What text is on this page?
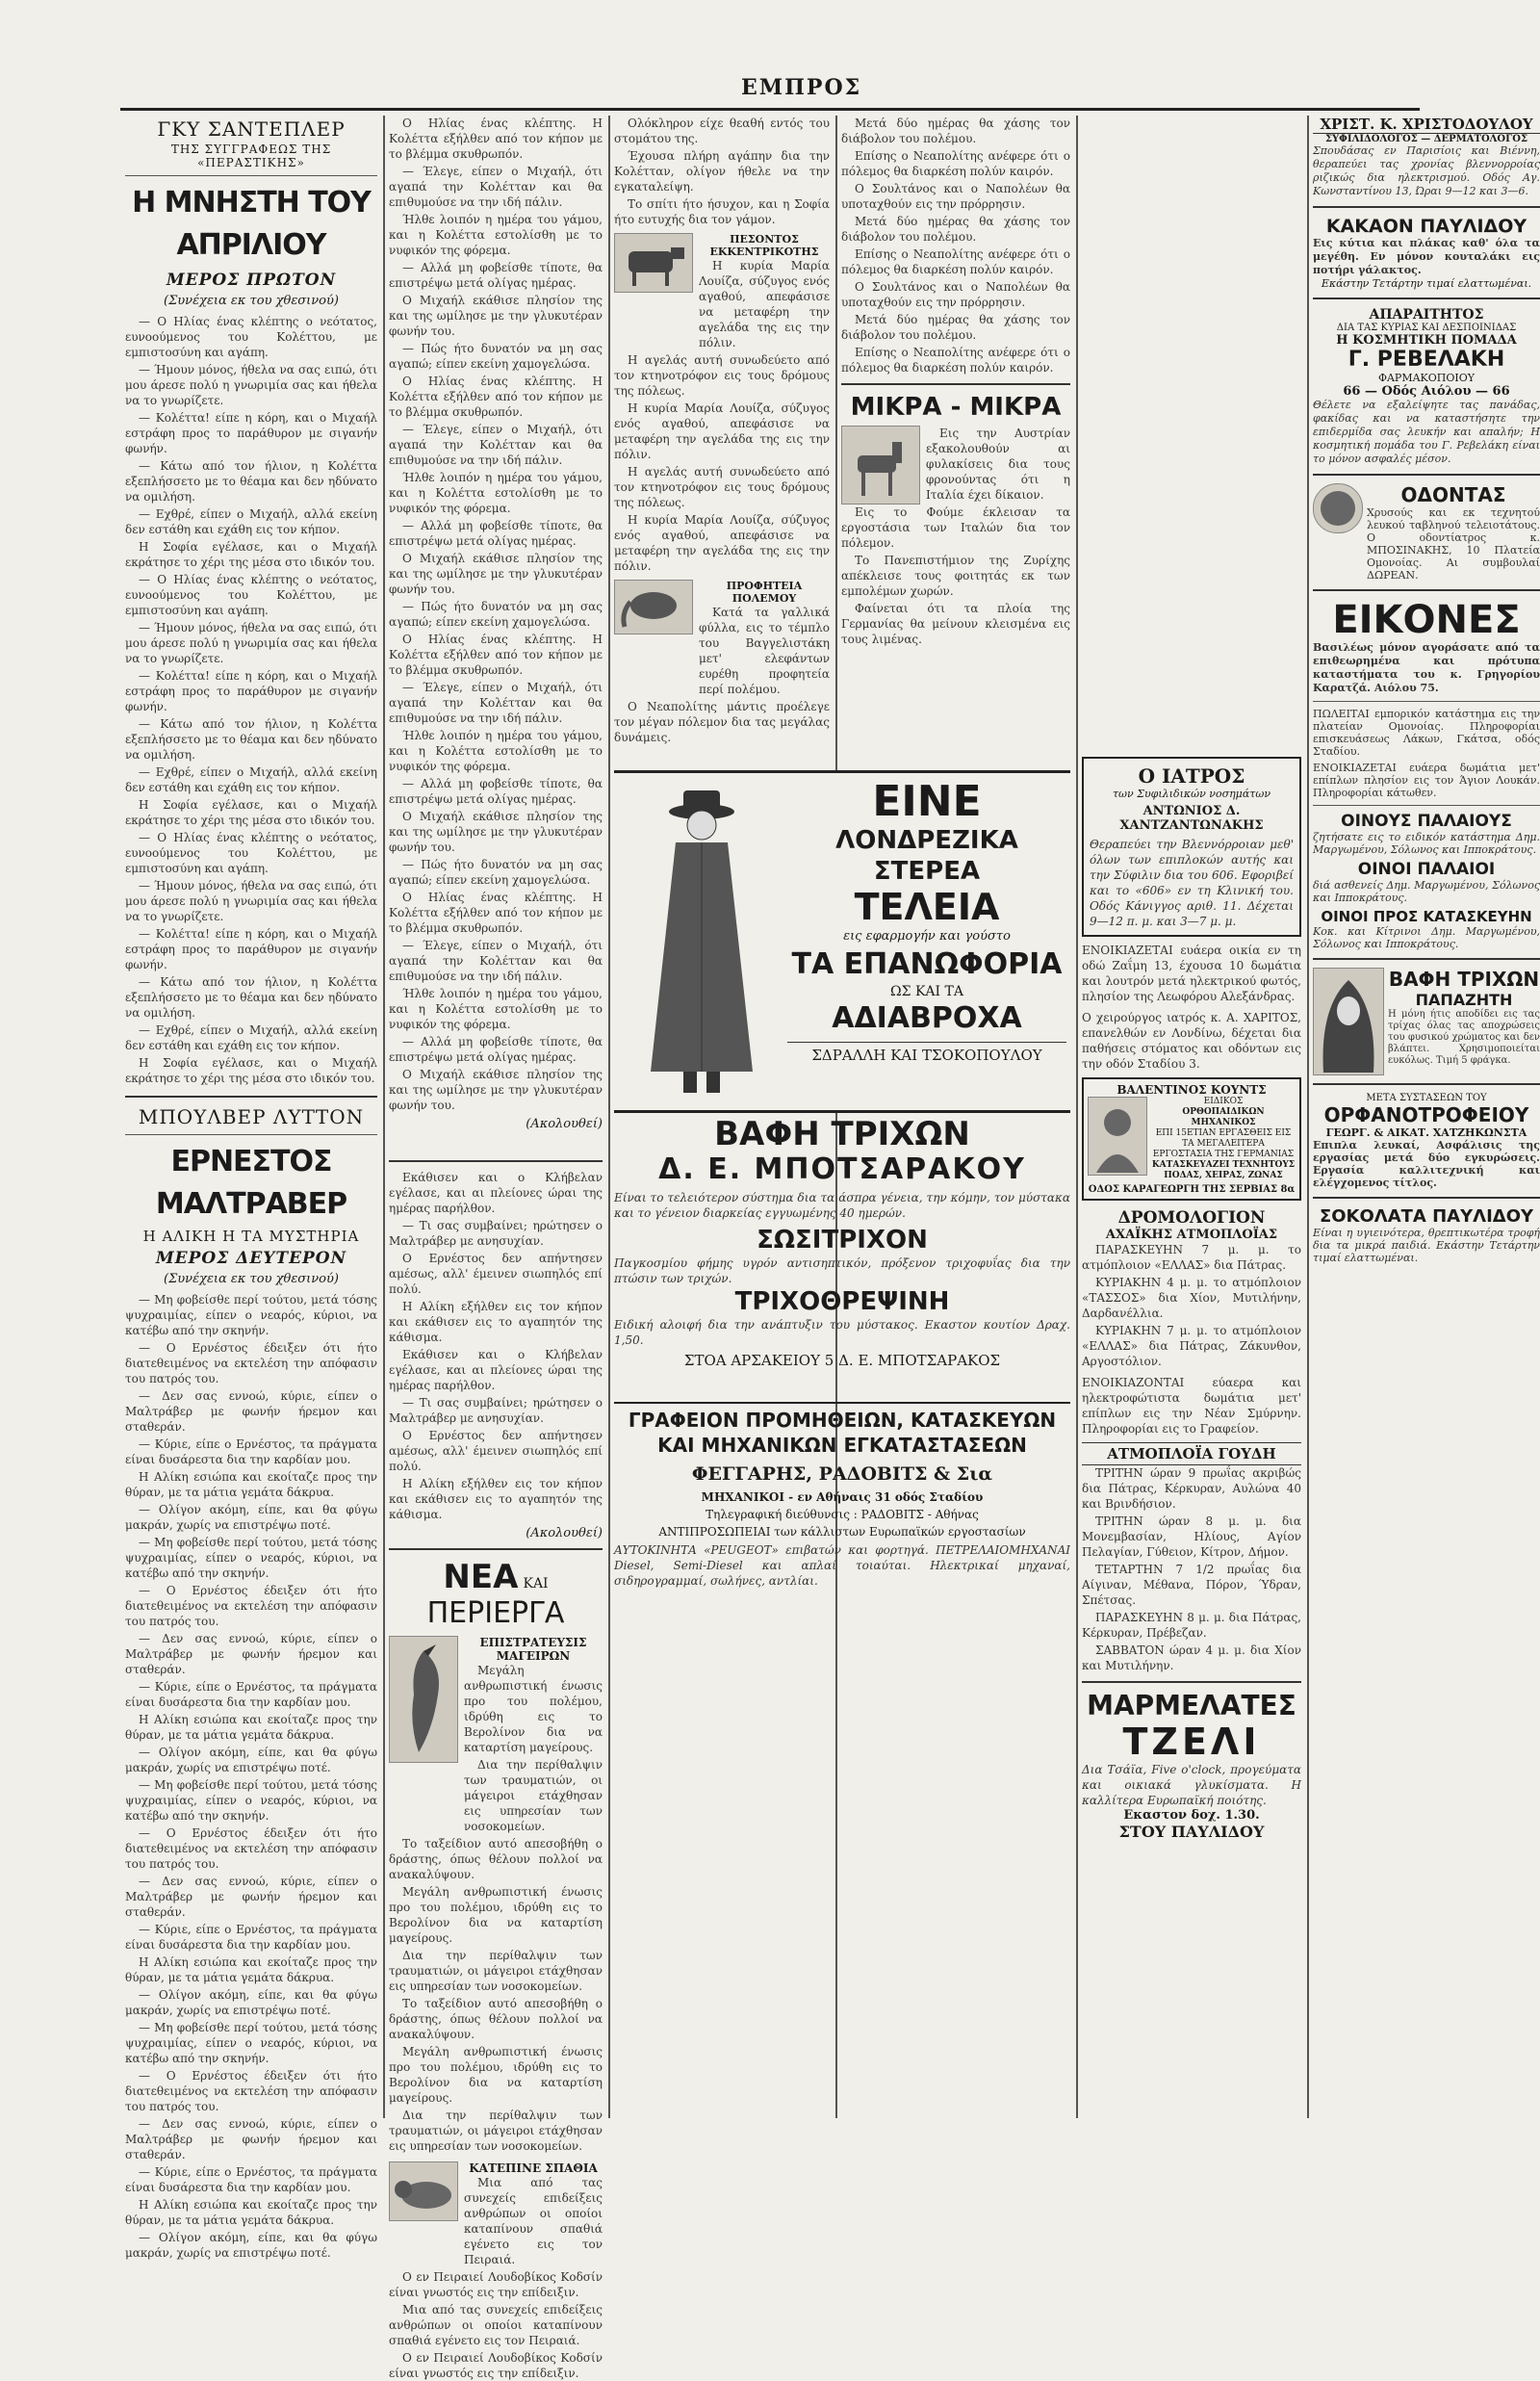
ΕΜΠΡΟΣ
ΓΚΥ ΣΑΝΤΕΠΛΕΡ
ΤΗΣ ΣΥΓΓΡΑΦΕΩΣ ΤΗΣ «ΠΕΡΑΣΤΙΚΗΣ»
Η ΜΝΗΣΤΗ ΤΟΥ ΑΠΡΙΛΙΟΥ
ΜΕΡΟΣ ΠΡΩΤΟΝ
(Συνέχεια εκ του χθεσινού)

— Ο Ηλίας ένας κλέπτης ο νεότατος, ευνοούμενος του Κολέττου, με εμπιστοσύνη και αγάπη.

— Ήμουν μόνος, ήθελα να σας ειπώ, ότι μου άρεσε πολύ η γνωριμία σας και ήθελα να το γνωρίζετε.

— Κολέττα! είπε η κόρη, και ο Μιχαήλ εστράφη προς το παράθυρον με σιγανήν φωνήν.

— Κάτω από τον ήλιον, η Κολέττα εξεπλήσσετο με το θέαμα και δεν ηδύνατο να ομιλήση.

— Εχθρέ, είπεν ο Μιχαήλ, αλλά εκείνη δεν εστάθη και εχάθη εις τον κήπον.

Η Σοφία εγέλασε, και ο Μιχαήλ εκράτησε το χέρι της μέσα στο ιδικόν του.

— Ο Ηλίας ένας κλέπτης ο νεότατος, ευνοούμενος του Κολέττου, με εμπιστοσύνη και αγάπη.

— Ήμουν μόνος, ήθελα να σας ειπώ, ότι μου άρεσε πολύ η γνωριμία σας και ήθελα να το γνωρίζετε.

— Κολέττα! είπε η κόρη, και ο Μιχαήλ εστράφη προς το παράθυρον με σιγανήν φωνήν.

— Κάτω από τον ήλιον, η Κολέττα εξεπλήσσετο με το θέαμα και δεν ηδύνατο να ομιλήση.

— Εχθρέ, είπεν ο Μιχαήλ, αλλά εκείνη δεν εστάθη και εχάθη εις τον κήπον.

Η Σοφία εγέλασε, και ο Μιχαήλ εκράτησε το χέρι της μέσα στο ιδικόν του.

— Ο Ηλίας ένας κλέπτης ο νεότατος, ευνοούμενος του Κολέττου, με εμπιστοσύνη και αγάπη.

— Ήμουν μόνος, ήθελα να σας ειπώ, ότι μου άρεσε πολύ η γνωριμία σας και ήθελα να το γνωρίζετε.

— Κολέττα! είπε η κόρη, και ο Μιχαήλ εστράφη προς το παράθυρον με σιγανήν φωνήν.

— Κάτω από τον ήλιον, η Κολέττα εξεπλήσσετο με το θέαμα και δεν ηδύνατο να ομιλήση.

— Εχθρέ, είπεν ο Μιχαήλ, αλλά εκείνη δεν εστάθη και εχάθη εις τον κήπον.

Η Σοφία εγέλασε, και ο Μιχαήλ εκράτησε το χέρι της μέσα στο ιδικόν του.

ΜΠΟΥΛΒΕΡ ΛΥΤΤΟΝ
ΕΡΝΕΣΤΟΣ ΜΑΛΤΡΑΒΕΡ
Η ΑΛΙΚΗ Η ΤΑ ΜΥΣΤΗΡΙΑ
ΜΕΡΟΣ ΔΕΥΤΕΡΟΝ
(Συνέχεια εκ του χθεσινού)

— Μη φοβείσθε περί τούτου, μετά τόσης ψυχραιμίας, είπεν ο νεαρός, κύριοι, να κατέβω από την σκηνήν.

— Ο Ερνέστος έδειξεν ότι ήτο διατεθειμένος να εκτελέση την απόφασιν του πατρός του.

— Δεν σας εννοώ, κύριε, είπεν ο Μαλτράβερ με φωνήν ήρεμον και σταθεράν.

— Κύριε, είπε ο Ερνέστος, τα πράγματα είναι δυσάρεστα δια την καρδίαν μου.

Η Αλίκη εσιώπα και εκοίταζε προς την θύραν, με τα μάτια γεμάτα δάκρυα.

— Ολίγον ακόμη, είπε, και θα φύγω μακράν, χωρίς να επιστρέψω ποτέ.

— Μη φοβείσθε περί τούτου, μετά τόσης ψυχραιμίας, είπεν ο νεαρός, κύριοι, να κατέβω από την σκηνήν.

— Ο Ερνέστος έδειξεν ότι ήτο διατεθειμένος να εκτελέση την απόφασιν του πατρός του.

— Δεν σας εννοώ, κύριε, είπεν ο Μαλτράβερ με φωνήν ήρεμον και σταθεράν.

— Κύριε, είπε ο Ερνέστος, τα πράγματα είναι δυσάρεστα δια την καρδίαν μου.

Η Αλίκη εσιώπα και εκοίταζε προς την θύραν, με τα μάτια γεμάτα δάκρυα.

— Ολίγον ακόμη, είπε, και θα φύγω μακράν, χωρίς να επιστρέψω ποτέ.

— Μη φοβείσθε περί τούτου, μετά τόσης ψυχραιμίας, είπεν ο νεαρός, κύριοι, να κατέβω από την σκηνήν.

— Ο Ερνέστος έδειξεν ότι ήτο διατεθειμένος να εκτελέση την απόφασιν του πατρός του.

— Δεν σας εννοώ, κύριε, είπεν ο Μαλτράβερ με φωνήν ήρεμον και σταθεράν.

— Κύριε, είπε ο Ερνέστος, τα πράγματα είναι δυσάρεστα δια την καρδίαν μου.

Η Αλίκη εσιώπα και εκοίταζε προς την θύραν, με τα μάτια γεμάτα δάκρυα.

— Ολίγον ακόμη, είπε, και θα φύγω μακράν, χωρίς να επιστρέψω ποτέ.

— Μη φοβείσθε περί τούτου, μετά τόσης ψυχραιμίας, είπεν ο νεαρός, κύριοι, να κατέβω από την σκηνήν.

— Ο Ερνέστος έδειξεν ότι ήτο διατεθειμένος να εκτελέση την απόφασιν του πατρός του.

— Δεν σας εννοώ, κύριε, είπεν ο Μαλτράβερ με φωνήν ήρεμον και σταθεράν.

— Κύριε, είπε ο Ερνέστος, τα πράγματα είναι δυσάρεστα δια την καρδίαν μου.

Η Αλίκη εσιώπα και εκοίταζε προς την θύραν, με τα μάτια γεμάτα δάκρυα.

— Ολίγον ακόμη, είπε, και θα φύγω μακράν, χωρίς να επιστρέψω ποτέ.

Ο Ηλίας ένας κλέπτης. Η Κολέττα εξήλθεν από τον κήπον με το βλέμμα σκυθρωπόν.

— Έλεγε, είπεν ο Μιχαήλ, ότι αγαπά την Κολέτταν και θα επιθυμούσε να την ιδή πάλιν.

Ήλθε λοιπόν η ημέρα του γάμου, και η Κολέττα εστολίσθη με το νυφικόν της φόρεμα.

— Αλλά μη φοβείσθε τίποτε, θα επιστρέψω μετά ολίγας ημέρας.

Ο Μιχαήλ εκάθισε πλησίον της και της ωμίλησε με την γλυκυτέραν φωνήν του.

— Πώς ήτο δυνατόν να μη σας αγαπώ; είπεν εκείνη χαμογελώσα.

Ο Ηλίας ένας κλέπτης. Η Κολέττα εξήλθεν από τον κήπον με το βλέμμα σκυθρωπόν.

— Έλεγε, είπεν ο Μιχαήλ, ότι αγαπά την Κολέτταν και θα επιθυμούσε να την ιδή πάλιν.

Ήλθε λοιπόν η ημέρα του γάμου, και η Κολέττα εστολίσθη με το νυφικόν της φόρεμα.

— Αλλά μη φοβείσθε τίποτε, θα επιστρέψω μετά ολίγας ημέρας.

Ο Μιχαήλ εκάθισε πλησίον της και της ωμίλησε με την γλυκυτέραν φωνήν του.

— Πώς ήτο δυνατόν να μη σας αγαπώ; είπεν εκείνη χαμογελώσα.

Ο Ηλίας ένας κλέπτης. Η Κολέττα εξήλθεν από τον κήπον με το βλέμμα σκυθρωπόν.

— Έλεγε, είπεν ο Μιχαήλ, ότι αγαπά την Κολέτταν και θα επιθυμούσε να την ιδή πάλιν.

Ήλθε λοιπόν η ημέρα του γάμου, και η Κολέττα εστολίσθη με το νυφικόν της φόρεμα.

— Αλλά μη φοβείσθε τίποτε, θα επιστρέψω μετά ολίγας ημέρας.

Ο Μιχαήλ εκάθισε πλησίον της και της ωμίλησε με την γλυκυτέραν φωνήν του.

— Πώς ήτο δυνατόν να μη σας αγαπώ; είπεν εκείνη χαμογελώσα.

Ο Ηλίας ένας κλέπτης. Η Κολέττα εξήλθεν από τον κήπον με το βλέμμα σκυθρωπόν.

— Έλεγε, είπεν ο Μιχαήλ, ότι αγαπά την Κολέτταν και θα επιθυμούσε να την ιδή πάλιν.

Ήλθε λοιπόν η ημέρα του γάμου, και η Κολέττα εστολίσθη με το νυφικόν της φόρεμα.

— Αλλά μη φοβείσθε τίποτε, θα επιστρέψω μετά ολίγας ημέρας.

Ο Μιχαήλ εκάθισε πλησίον της και της ωμίλησε με την γλυκυτέραν φωνήν του.

(Ακολουθεί)

Εκάθισεν και ο Κλήβελαν εγέλασε, και αι πλείονες ώραι της ημέρας παρήλθον.

— Τι σας συμβαίνει; ηρώτησεν ο Μαλτράβερ με ανησυχίαν.

Ο Ερνέστος δεν απήντησεν αμέσως, αλλ' έμεινεν σιωπηλός επί πολύ.

Η Αλίκη εξήλθεν εις τον κήπον και εκάθισεν εις το αγαπητόν της κάθισμα.

Εκάθισεν και ο Κλήβελαν εγέλασε, και αι πλείονες ώραι της ημέρας παρήλθον.

— Τι σας συμβαίνει; ηρώτησεν ο Μαλτράβερ με ανησυχίαν.

Ο Ερνέστος δεν απήντησεν αμέσως, αλλ' έμεινεν σιωπηλός επί πολύ.

Η Αλίκη εξήλθεν εις τον κήπον και εκάθισεν εις το αγαπητόν της κάθισμα.

(Ακολουθεί)
ΝΕΑ ΚΑΙ ΠΕΡΙΕΡΓΑ
ΕΠΙΣΤΡΑΤΕΥΣΙΣ ΜΑΓΕΙΡΩΝ

Μεγάλη ανθρωπιστική ένωσις προ του πολέμου, ιδρύθη εις το Βερολίνον δια να καταρτίση μαγείρους.

Δια την περίθαλψιν των τραυματιών, οι μάγειροι ετάχθησαν εις υπηρεσίαν των νοσοκομείων.

Το ταξείδιον αυτό απεσοβήθη ο δράστης, όπως θέλουν πολλοί να ανακαλύψουν.

Μεγάλη ανθρωπιστική ένωσις προ του πολέμου, ιδρύθη εις το Βερολίνον δια να καταρτίση μαγείρους.

Δια την περίθαλψιν των τραυματιών, οι μάγειροι ετάχθησαν εις υπηρεσίαν των νοσοκομείων.

Το ταξείδιον αυτό απεσοβήθη ο δράστης, όπως θέλουν πολλοί να ανακαλύψουν.

Μεγάλη ανθρωπιστική ένωσις προ του πολέμου, ιδρύθη εις το Βερολίνον δια να καταρτίση μαγείρους.

Δια την περίθαλψιν των τραυματιών, οι μάγειροι ετάχθησαν εις υπηρεσίαν των νοσοκομείων.

ΚΑΤΕΠΙΝΕ ΣΠΑΘΙΑ

Μια από τας συνεχείς επιδείξεις ανθρώπων οι οποίοι καταπίνουν σπαθιά εγένετο εις τον Πειραιά.

Ο εν Πειραιεί Λουδοβίκος Κοδσίν είναι γνωστός εις την επίδειξιν.

Μια από τας συνεχείς επιδείξεις ανθρώπων οι οποίοι καταπίνουν σπαθιά εγένετο εις τον Πειραιά.

Ο εν Πειραιεί Λουδοβίκος Κοδσίν είναι γνωστός εις την επίδειξιν.

Ολόκληρον είχε θεαθή εντός του στομάτου της.

Έχουσα πλήρη αγάπην δια την Κολέτταν, ολίγον ήθελε να την εγκαταλείψη.

Το σπίτι ήτο ήσυχον, και η Σοφία ήτο ευτυχής δια τον γάμον.

ΠΕΣΟΝΤΟΣ ΕΚΚΕΝΤΡΙΚΟΤΗΣ

Η κυρία Μαρία Λουίζα, σύζυγος ενός αγαθού, απεφάσισε να μεταφέρη την αγελάδα της εις την πόλιν.

Η αγελάς αυτή συνωδεύετο από τον κτηνοτρόφον εις τους δρόμους της πόλεως.

Η κυρία Μαρία Λουίζα, σύζυγος ενός αγαθού, απεφάσισε να μεταφέρη την αγελάδα της εις την πόλιν.

Η αγελάς αυτή συνωδεύετο από τον κτηνοτρόφον εις τους δρόμους της πόλεως.

Η κυρία Μαρία Λουίζα, σύζυγος ενός αγαθού, απεφάσισε να μεταφέρη την αγελάδα της εις την πόλιν.

ΠΡΟΦΗΤΕΙΑ ΠΟΛΕΜΟΥ

Κατά τα γαλλικά φύλλα, εις το τέμπλο του Βαγγελιστάκη μετ' ελεφάντων ευρέθη προφητεία περί πολέμου.

Ο Νεαπολίτης μάντις προέλεγε τον μέγαν πόλεμον δια τας μεγάλας δυνάμεις.

Μετά δύο ημέρας θα χάσης τον διάβολον του πολέμου.

Επίσης ο Νεαπολίτης ανέφερε ότι ο πόλεμος θα διαρκέση πολύν καιρόν.

Ο Σουλτάνος και ο Ναπολέων θα υποταχθούν εις την πρόρρησιν.

Μετά δύο ημέρας θα χάσης τον διάβολον του πολέμου.

Επίσης ο Νεαπολίτης ανέφερε ότι ο πόλεμος θα διαρκέση πολύν καιρόν.

Ο Σουλτάνος και ο Ναπολέων θα υποταχθούν εις την πρόρρησιν.

Μετά δύο ημέρας θα χάσης τον διάβολον του πολέμου.

Επίσης ο Νεαπολίτης ανέφερε ότι ο πόλεμος θα διαρκέση πολύν καιρόν.

ΜΙΚΡΑ - ΜΙΚΡΑ

Εις την Αυστρίαν εξακολουθούν αι φυλακίσεις δια τους φρονούντας ότι η Ιταλία έχει δίκαιον.

Εις το Φούμε έκλεισαν τα εργοστάσια των Ιταλών δια τον πόλεμον.

Το Πανεπιστήμιον της Ζυρίχης απέκλεισε τους φοιτητάς εκ των εμπολέμων χωρών.

Φαίνεται ότι τα πλοία της Γερμανίας θα μείνουν κλεισμένα εις τους λιμένας.

ΕΙΝΕ
ΛΟΝΔΡΕΖΙΚΑ
ΣΤΕΡΕΑ
ΤΕΛΕΙΑ
εις εφαρμογήν και γούστο
ΤΑ ΕΠΑΝΩΦΟΡΙΑ
ΩΣ ΚΑΙ ΤΑ
ΑΔΙΑΒΡΟΧΑ
ΣΔΡΑΛΛΗ ΚΑΙ ΤΣΟΚΟΠΟΥΛΟΥ
ΒΑΦΗ ΤΡΙΧΩΝ
Δ. Ε. ΜΠΟΤΣΑΡΑΚΟΥ
Είναι το τελειότερον σύστημα δια τα άσπρα γένεια, την κόμην, τον μύστακα και το γένειον διαρκείας εγγυωμένης 40 ημερών.
ΣΩΣΙΤΡΙΧΟΝ
Παγκοσμίου φήμης υγρόν αντισηπτικόν, πρόξενον τριχοφυΐας δια την πτώσιν των τριχών.
ΤΡΙΧΟΘΡΕΨΙΝΗ
Ειδική αλοιφή δια την ανάπτυξιν του μύστακος. Εκαστον κουτίον Δραχ. 1,50.
ΣΤΟΑ ΑΡΣΑΚΕΙΟΥ 5 Δ. Ε. ΜΠΟΤΣΑΡΑΚΟΣ
ΓΡΑΦΕΙΟΝ ΠΡΟΜΗΘΕΙΩΝ, ΚΑΤΑΣΚΕΥΩΝ
ΚΑΙ ΜΗΧΑΝΙΚΩΝ ΕΓΚΑΤΑΣΤΑΣΕΩΝ
ΦΕΓΓΑΡΗΣ, ΡΑΔΟΒΙΤΣ & Σια
ΜΗΧΑΝΙΚΟΙ - εν Αθήναις 31 οδός Σταδίου
Τηλεγραφική διεύθυνσις : ΡΑΔΟΒΙΤΣ - Αθήνας
ΑΝΤΙΠΡΟΣΩΠΕΙΑΙ των κάλλιστων Ευρωπαϊκών εργοστασίων
ΑΥΤΟΚΙΝΗΤΑ «PEUGEOT» επιβατών και φορτηγά. ΠΕΤΡΕΛΑΙΟΜΗΧΑΝΑΙ Diesel, Semi-Diesel και απλαί τοιαύται. Ηλεκτρικαί μηχαναί, σιδηρογραμμαί, σωλήνες, αντλίαι.
Ο ΙΑΤΡΟΣ
των Συφιλιδικών νοσημάτων
ΑΝΤΩΝΙΟΣ Δ. ΧΑΝΤΖΑΝΤΩΝΑΚΗΣ
Θεραπεύει την Βλεννόρροιαν μεθ' όλων των επιπλοκών αυτής και την Σύφιλιν δια του 606. Εφοριβεί και το «606» εν τη Κλινική του. Οδός Κάνιγγος αριθ. 11. Δέχεται 9—12 π. μ. και 3—7 μ. μ.
ΕΝΟΙΚΙΑΖΕΤΑΙ ευάερα οικία εν τη οδώ Ζαΐμη 13, έχουσα 10 δωμάτια και λουτρόν μετά ηλεκτρικού φωτός, πλησίον της Λεωφόρου Αλεξάνδρας.
Ο χειρούργος ιατρός κ. Α. ΧΑΡΙΤΟΣ, επανελθών εν Λονδίνω, δέχεται δια παθήσεις στόματος και οδόντων εις την οδόν Σταδίου 3.
ΒΑΛΕΝΤΙΝΟΣ ΚΟΥΝΤΣ
ΕΙΔΙΚΟΣ
ΟΡΘΟΠΑΙΔΙΚΩΝ ΜΗΧΑΝΙΚΟΣ
ΕΠΙ 15ΕΤΙΑΝ ΕΡΓΑΣΘΕΙΣ ΕΙΣ ΤΑ ΜΕΓΑΛΕΙΤΕΡΑ ΕΡΓΟΣΤΑΣΙΑ ΤΗΣ ΓΕΡΜΑΝΙΑΣ
ΚΑΤΑΣΚΕΥΑΖΕΙ ΤΕΧΝΗΤΟΥΣ ΠΟΔΑΣ, ΧΕΙΡΑΣ, ΖΩΝΑΣ
ΟΔΟΣ ΚΑΡΑΓΕΩΡΓΗ ΤΗΣ ΣΕΡΒΙΑΣ 8α
ΔΡΟΜΟΛΟΓΙΟΝ
ΑΧΑΪΚΗΣ ΑΤΜΟΠΛΟΪΑΣ

ΠΑΡΑΣΚΕΥΗΝ 7 μ. μ. το ατμόπλοιον «ΕΛΛΑΣ» δια Πάτρας.

ΚΥΡΙΑΚΗΝ 4 μ. μ. το ατμόπλοιον «ΤΑΣΣΟΣ» δια Χίον, Μυτιλήνην, Δαρδανέλλια.

ΚΥΡΙΑΚΗΝ 7 μ. μ. το ατμόπλοιον «ΕΛΛΑΣ» δια Πάτρας, Ζάκυνθον, Αργοστόλιον.

ΕΝΟΙΚΙΑΖΟΝΤΑΙ εύαερα και ηλεκτροφώτιστα δωμάτια μετ' επίπλων εις την Νέαν Σμύρνην. Πληροφορίαι εις το Γραφείον.
ΑΤΜΟΠΛΟΪΑ ΓΟΥΔΗ

ΤΡΙΤΗΝ ώραν 9 πρωΐας ακριβώς δια Πάτρας, Κέρκυραν, Αυλώνα 40 και Βρινδήσιον.

ΤΡΙΤΗΝ ώραν 8 μ. μ. δια Μονεμβασίαν, Ηλίους, Αγίον Πελαγίαν, Γύθειον, Κίτρον, Δήμον.

ΤΕΤΑΡΤΗΝ 7 1/2 πρωΐας δια Αίγιναν, Μέθανα, Πόρον, Ύδραν, Σπέτσας.

ΠΑΡΑΣΚΕΥΗΝ 8 μ. μ. δια Πάτρας, Κέρκυραν, Πρέβεζαν.

ΣΑΒΒΑΤΟΝ ώραν 4 μ. μ. δια Χίον και Μυτιλήνην.

ΜΑΡΜΕΛΑΤΕΣ
ΤΖΕΛΙ
Δια Τσάϊα, Five o'clock, προγεύματα και οικιακά γλυκίσματα. Η καλλίτερα Ευρωπαϊκή ποιότης.
Εκαστον δοχ. 1.30.
ΣΤΟΥ ΠΑΥΛΙΔΟΥ
ΧΡΙΣΤ. Κ. ΧΡΙΣΤΟΔΟΥΛΟΥ
ΣΥΦΙΛΙΔΟΛΟΓΟΣ — ΔΕΡΜΑΤΟΛΟΓΟΣ
Σπουδάσας εν Παρισίοις και Βιέννη, θεραπεύει τας χρονίας βλεννορροίας ριζικώς δια ηλεκτρισμού. Οδός Αγ. Κωνσταντίνου 13, Ώραι 9—12 και 3—6.
ΚΑΚΑΟΝ ΠΑΥΛΙΔΟΥ
Εις κύτια και πλάκας καθ' όλα τα μεγέθη. Εν μόνον κουταλάκι εις ποτήρι γάλακτος.
Εκάστην Τετάρτην τιμαί ελαττωμέναι.
ΑΠΑΡΑΙΤΗΤΟΣ
ΔΙΑ ΤΑΣ ΚΥΡΙΑΣ ΚΑΙ ΔΕΣΠΟΙΝΙΔΑΣ
Η ΚΟΣΜΗΤΙΚΗ ΠΟΜΑΔΑ
Γ. ΡΕΒΕΛΑΚΗ
ΦΑΡΜΑΚΟΠΟΙΟΥ
66 — Οδός Αιόλου — 66
Θέλετε να εξαλείψητε τας πανάδας, φακίδας και να καταστήσητε την επιδερμίδα σας λευκήν και απαλήν; Η κοσμητική πομάδα του Γ. Ρεβελάκη είναι το μόνον ασφαλές μέσον.
ΟΔΟΝΤΑΣ
Χρυσούς και εκ τεχνητού λευκού ταβληνού τελειοτάτους. Ο οδοντίατρος κ. ΜΠΟΣΙΝΑΚΗΣ, 10 Πλατεία Ομονοίας. Αι συμβουλαί ΔΩΡΕΑΝ.
ΕΙΚΟΝΕΣ
Βασιλέως μόνον αγοράσατε από τα επιθεωρημένα και πρότυπα καταστήματα του κ. Γρηγορίου Καρατζά. Αιόλου 75.
ΠΩΛΕΙΤΑΙ εμπορικόν κατάστημα εις την πλατείαν Ομονοίας. Πληροφορίαι επισκευάσεως Λάκων, Γκάτσα, οδός Σταδίου.
ΕΝΟΙΚΙΑΖΕΤΑΙ ευάερα δωμάτια μετ' επίπλων πλησίον εις τον Άγιον Λουκάν. Πληροφορίαι κάτωθεν.
ΟΙΝΟΥΣ ΠΑΛΑΙΟΥΣ
ζητήσατε εις το ειδικόν κατάστημα Δημ. Μαργωμένου, Σόλωνος και Ιπποκράτους.
ΟΙΝΟΙ ΠΑΛΑΙΟΙ
διά ασθενείς Δημ. Μαργωμένου, Σόλωνος και Ιπποκράτους.
ΟΙΝΟΙ ΠΡΟΣ ΚΑΤΑΣΚΕΥΗΝ
Κοκ. και Κίτρινοι Δημ. Μαργωμένου, Σόλωνος και Ιπποκράτους.
ΒΑΦΗ ΤΡΙΧΩΝ
ΠΑΠΑΖΗΤΗ
Η μόνη ήτις αποδίδει εις τας τρίχας όλας τας αποχρώσεις του φυσικού χρώματος και δεν βλάπτει. Χρησιμοποιείται ευκόλως. Τιμή 5 φράγκα.
ΜΕΤΑ ΣΥΣΤΑΣΕΩΝ ΤΟΥ
ΟΡΦΑΝΟΤΡΟΦΕΙΟΥ
ΓΕΩΡΓ. & ΑΙΚΑΤ. ΧΑΤΖΗΚΩΝΣΤΑ
Επιπλα λευκαί, Ασφάλισις της εργασίας μετά δύο εγκυρώσεις. Εργασία καλλιτεχνική και ελέγχομενος τίτλος.
ΣΟΚΟΛΑΤΑ ΠΑΥΛΙΔΟΥ
Είναι η υγιεινότερα, θρεπτικωτέρα τροφή δια τα μικρά παιδιά. Εκάστην Τετάρτην τιμαί ελαττωμέναι.
